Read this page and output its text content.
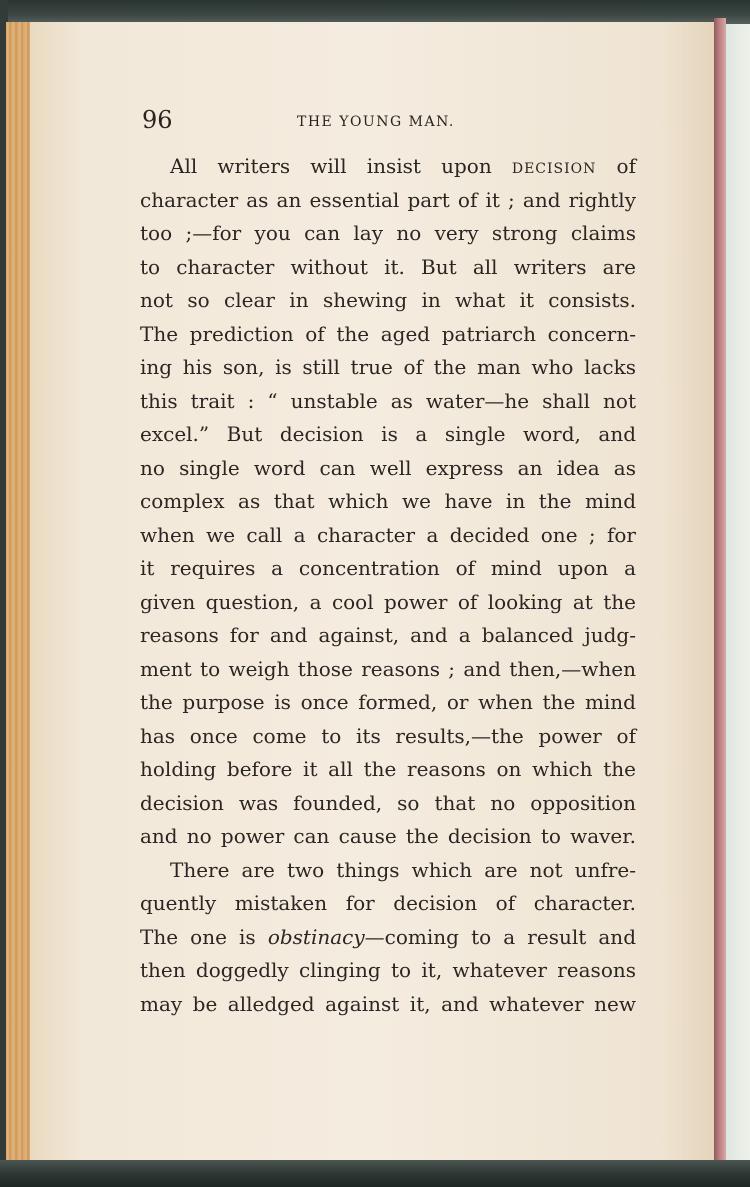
96	THE YOUNG MAN.
All writers will insist upon decision of
character as an essential part of it ; and rightly
too ;—for you can lay no very strong claims
to character without it. But all writers are
not so clear in shewing in what it consists.
The prediction of the aged patriarch concern-
ing his son, is still true of the man who lacks
this trait : “ unstable as water—he shall not
excel.” But decision is a single word, and
no single word can well express an idea as
complex as that which we have in the mind
when we call a character a decided one ; for
it requires a concentration of mind upon a
given question, a cool power of looking at the
reasons for and against, and a balanced judg-
ment to weigh those reasons ; and then,—when
the purpose is once formed, or when the mind
has once come to its results,—the power of
holding before it all the reasons on which the
decision was founded, so that no opposition
and no power can cause the decision to waver.
There are two things which are not unfre-
quently mistaken for decision of character.
The one is obstinacy—coming to a result and
then doggedly clinging to it, whatever reasons
may be alledged against it, and whatever new
